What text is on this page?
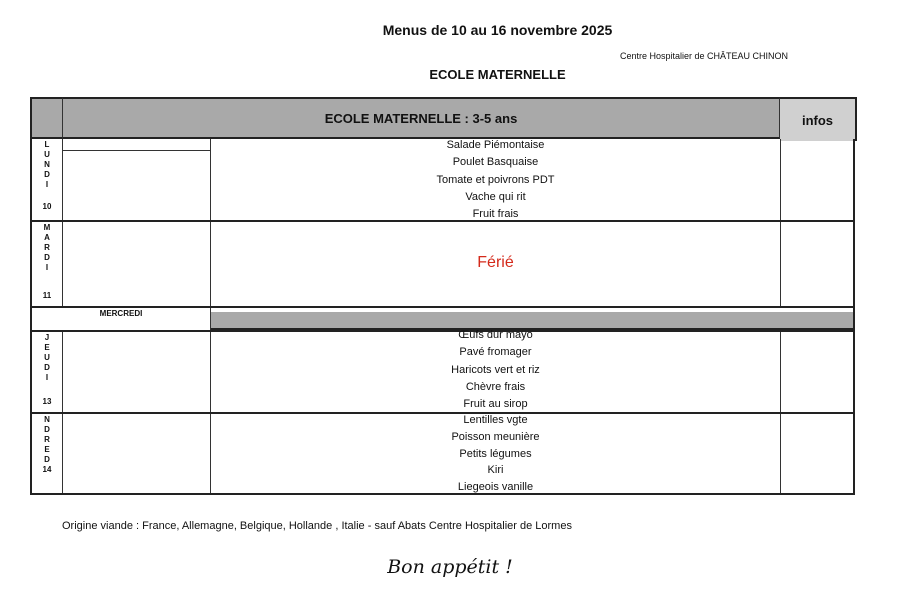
Menus de 10 au 16 novembre 2025
Centre Hospitalier de CHÂTEAU CHINON
ECOLE MATERNELLE
ECOLE MATERNELLE : 3-5 ans	infos
L
U
N
D
I
10
Salade Piémontaise
Poulet Basquaise
Tomate et poivrons PDT
Vache qui rit
Fruit frais
M
A
R
D
I
11
Férié
MERCREDI
J
E
U
D
I
13
Œufs dur mayo
Pavé fromager
Haricots vert et riz
Chèvre frais
Fruit au sirop
N
D
R
E
D
14
Lentilles vgte
Poisson meunière
Petits légumes
Kiri
Liegeois vanille
Origine viande : France, Allemagne, Belgique, Hollande , Italie - sauf Abats Centre Hospitalier de Lormes
Bon appétit !
